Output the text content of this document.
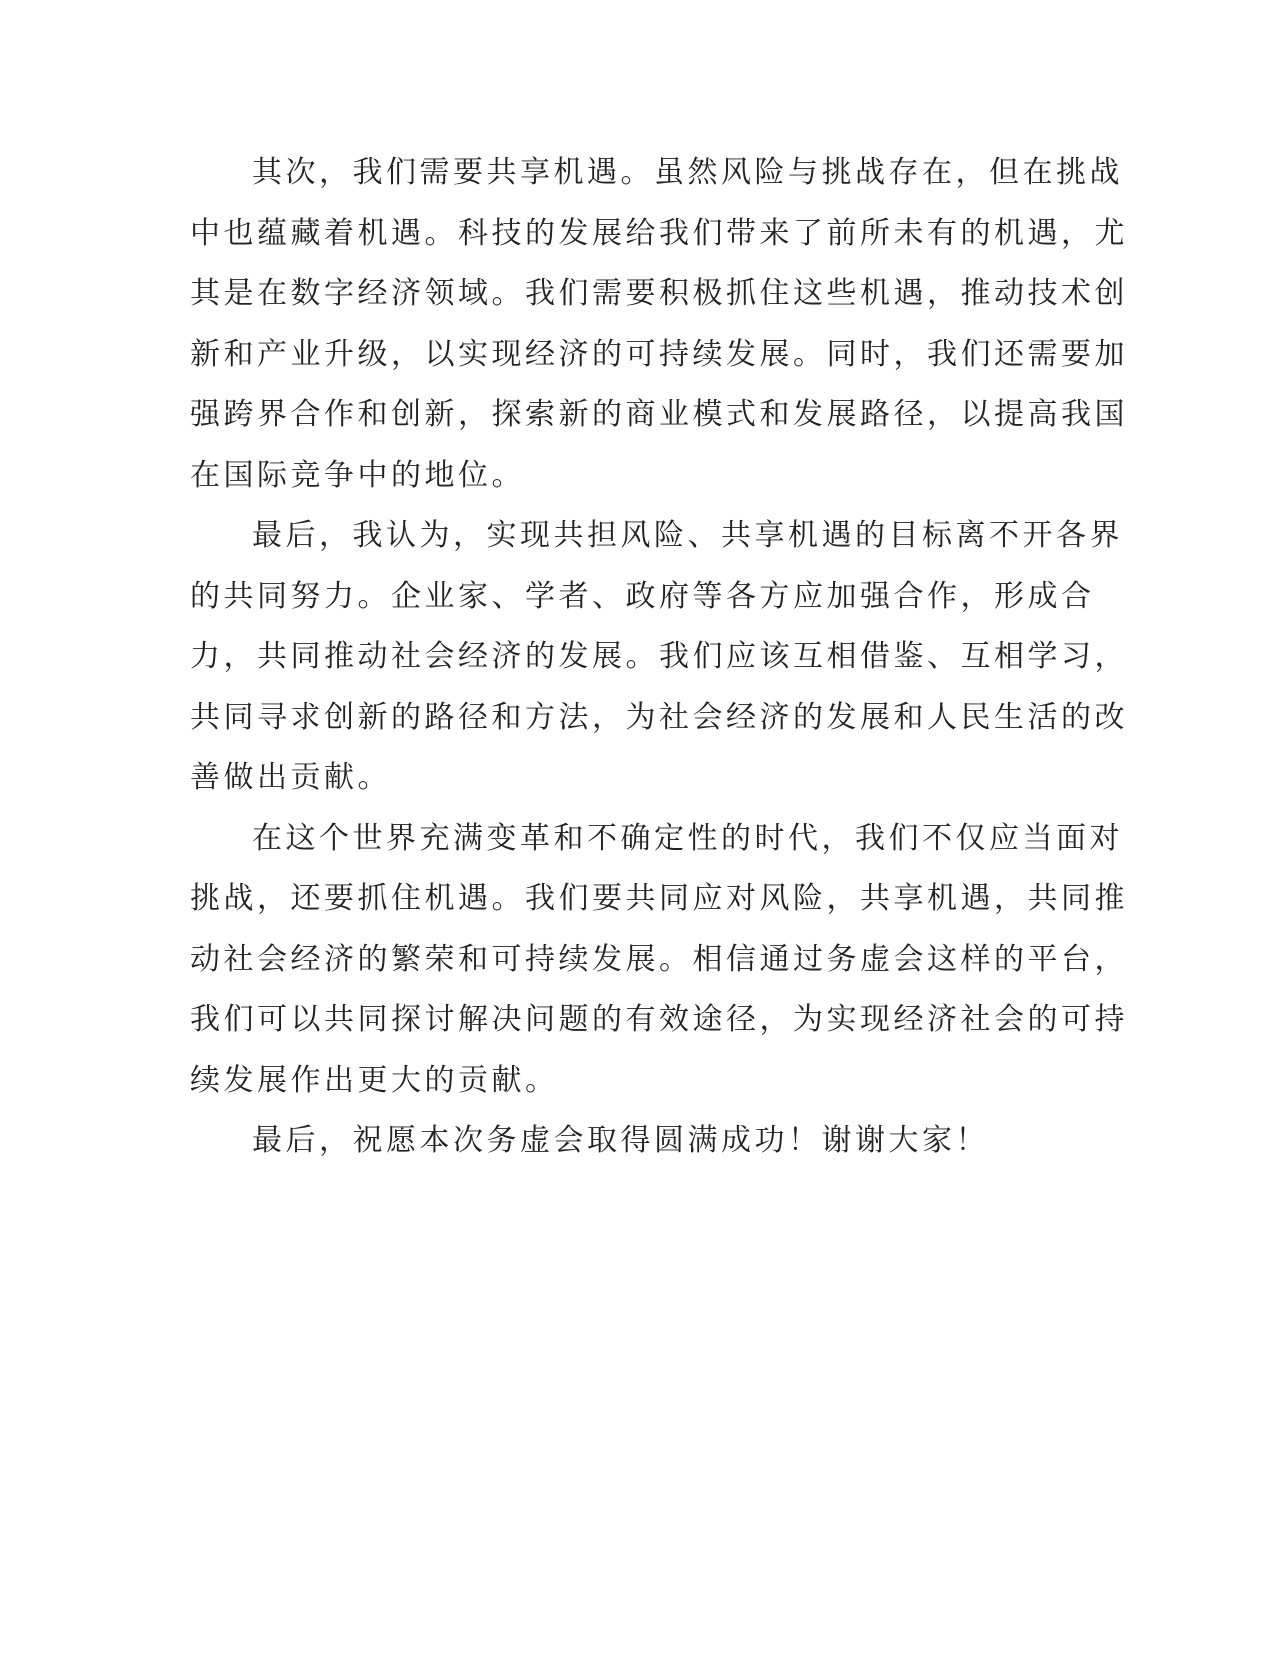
其次，我们需要共享机遇。虽然风险与挑战存在，但在挑战
中也蕴藏着机遇。科技的发展给我们带来了前所未有的机遇，尤
其是在数字经济领域。我们需要积极抓住这些机遇，推动技术创
新和产业升级，以实现经济的可持续发展。同时，我们还需要加
强跨界合作和创新，探索新的商业模式和发展路径，以提高我国
在国际竞争中的地位。
最后，我认为，实现共担风险、共享机遇的目标离不开各界
的共同努力。企业家、学者、政府等各方应加强合作，形成合
力，共同推动社会经济的发展。我们应该互相借鉴、互相学习，
共同寻求创新的路径和方法，为社会经济的发展和人民生活的改
善做出贡献。
在这个世界充满变革和不确定性的时代，我们不仅应当面对
挑战，还要抓住机遇。我们要共同应对风险，共享机遇，共同推
动社会经济的繁荣和可持续发展。相信通过务虚会这样的平台，
我们可以共同探讨解决问题的有效途径，为实现经济社会的可持
续发展作出更大的贡献。
最后，祝愿本次务虚会取得圆满成功！谢谢大家！
